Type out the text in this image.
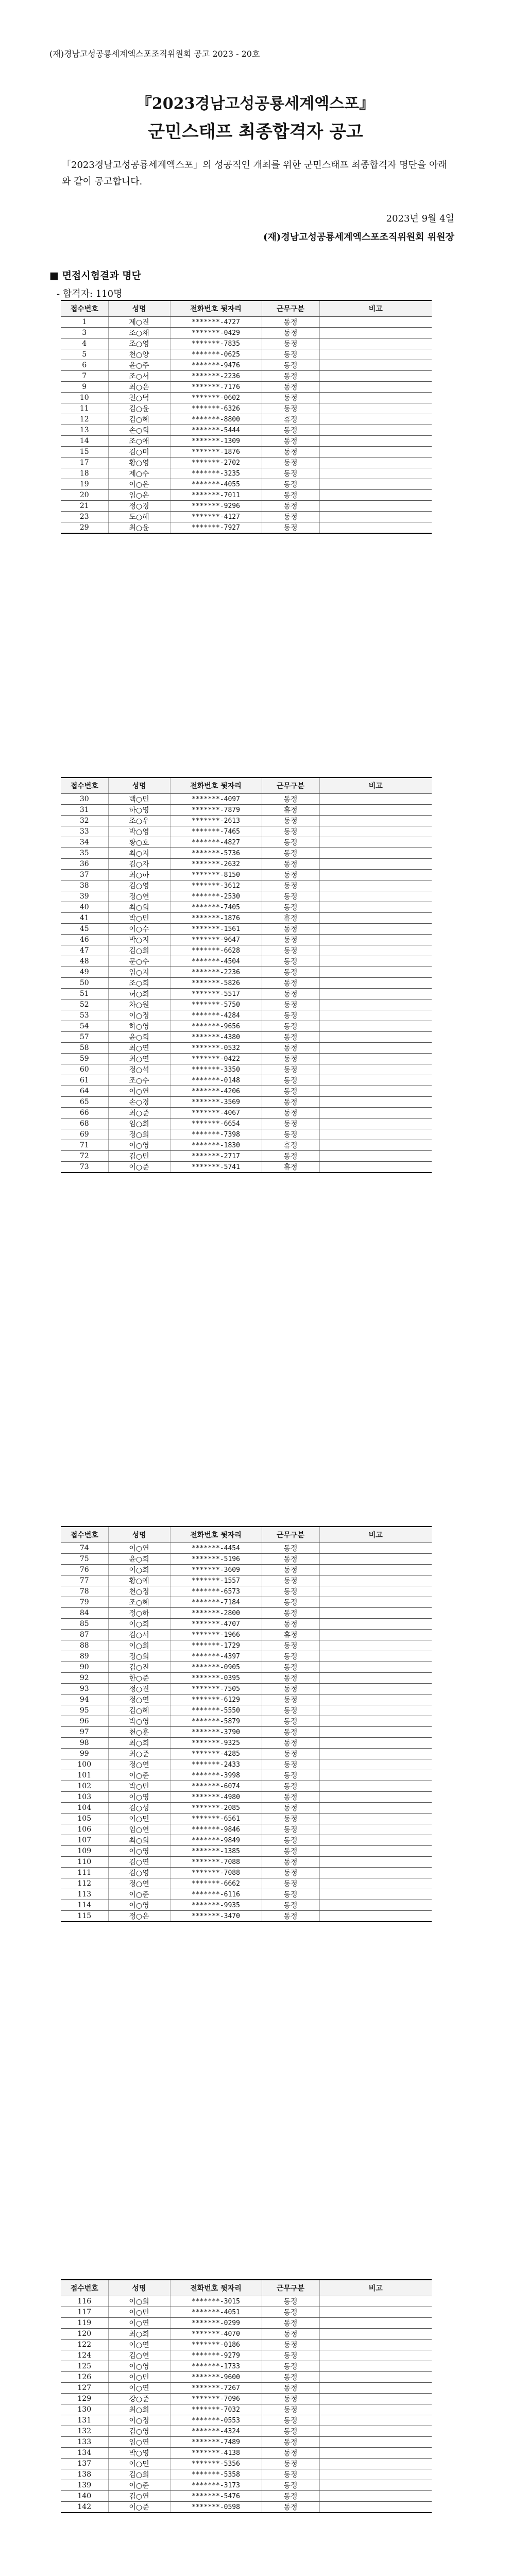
(재)경남고성공룡세계엑스포조직위원회 공고 2023 - 20호
『2023경남고성공룡세계엑스포』
군민스태프 최종합격자 공고
「2023경남고성공룡세계엑스포」의 성공적인 개최를 위한 군민스태프 최종합격자 명단을 아래와 같이 공고합니다.
2023년 9월 4일
(재)경남고성공룡세계엑스포조직위원회 위원장
■ 면접시험결과 명단
- 합격자: 110명
접수번호	성명	전화번호 뒷자리	근무구분	비고
1	제○진	*******-4727	동정	
3	조○채	*******-0429	동정	
4	조○영	*******-7835	동정	
5	천○양	*******-0625	동정	
6	윤○주	*******-9476	동정	
7	조○서	*******-2236	동정	
9	최○은	*******-7176	동정	
10	천○덕	*******-0602	동정	
11	김○윤	*******-6326	동정	
12	김○혜	*******-8800	휴정	
13	손○희	*******-5444	동정	
14	조○애	*******-1309	동정	
15	김○미	*******-1876	동정	
17	황○영	*******-2702	동정	
18	제○수	*******-3235	동정	
19	이○은	*******-4055	동정	
20	임○은	*******-7011	동정	
21	정○경	*******-9296	동정	
23	도○혜	*******-4127	동정	
29	최○윤	*******-7927	동정	
접수번호	성명	전화번호 뒷자리	근무구분	비고
30	백○민	*******-4097	동정	
31	하○영	*******-7879	휴정	
32	조○우	*******-2613	동정	
33	박○영	*******-7465	동정	
34	황○호	*******-4827	동정	
35	최○지	*******-5736	동정	
36	김○자	*******-2632	동정	
37	최○하	*******-8150	동정	
38	김○영	*******-3612	동정	
39	정○연	*******-2530	동정	
40	최○희	*******-7405	동정	
41	박○민	*******-1876	휴정	
45	이○수	*******-1561	동정	
46	박○지	*******-9647	동정	
47	김○희	*******-6628	동정	
48	문○수	*******-4504	동정	
49	임○지	*******-2236	동정	
50	조○희	*******-5826	동정	
51	허○희	*******-5517	동정	
52	차○원	*******-5750	동정	
53	이○정	*******-4284	동정	
54	하○영	*******-9656	동정	
57	윤○희	*******-4380	동정	
58	최○연	*******-0532	동정	
59	최○연	*******-0422	동정	
60	정○석	*******-3350	동정	
61	조○수	*******-0148	동정	
64	이○연	*******-4206	동정	
65	손○경	*******-3569	동정	
66	최○준	*******-4067	동정	
68	임○희	*******-6654	동정	
69	정○희	*******-7398	동정	
71	이○영	*******-1830	휴정	
72	김○민	*******-2717	동정	
73	이○준	*******-5741	휴정	
접수번호	성명	전화번호 뒷자리	근무구분	비고
74	이○연	*******-4454	동정	
75	윤○희	*******-5196	동정	
76	이○희	*******-3609	동정	
77	황○예	*******-1557	동정	
78	천○정	*******-6573	동정	
79	조○혜	*******-7184	동정	
84	정○하	*******-2800	동정	
85	이○희	*******-4707	동정	
87	김○서	*******-1966	휴정	
88	이○희	*******-1729	동정	
89	정○희	*******-4397	동정	
90	김○진	*******-0905	동정	
92	한○준	*******-0395	동정	
93	정○진	*******-7505	동정	
94	정○연	*******-6129	동정	
95	김○혜	*******-5550	동정	
96	박○영	*******-5879	동정	
97	천○훈	*******-3790	동정	
98	최○희	*******-9325	동정	
99	최○준	*******-4285	동정	
100	정○연	*******-2433	동정	
101	이○준	*******-3998	동정	
102	박○민	*******-6074	동정	
103	이○영	*******-4980	동정	
104	김○성	*******-2085	동정	
105	이○민	*******-6561	동정	
106	임○연	*******-9846	동정	
107	최○희	*******-9849	동정	
109	이○영	*******-1385	동정	
110	김○연	*******-7088	동정	
111	김○영	*******-7088	동정	
112	정○연	*******-6662	동정	
113	이○준	*******-6116	동정	
114	이○영	*******-9935	동정	
115	정○은	*******-3470	동정	
접수번호	성명	전화번호 뒷자리	근무구분	비고
116	이○희	*******-3015	동정	
117	이○민	*******-4051	동정	
119	이○연	*******-0299	동정	
120	최○희	*******-4070	동정	
122	이○연	*******-0186	동정	
124	김○연	*******-9279	동정	
125	이○영	*******-1733	동정	
126	이○민	*******-9600	동정	
127	이○연	*******-7267	동정	
129	강○준	*******-7096	동정	
130	최○희	*******-7032	동정	
131	이○정	*******-0553	동정	
132	김○영	*******-4324	동정	
133	임○연	*******-7489	동정	
134	박○영	*******-4138	동정	
137	이○민	*******-5356	동정	
138	김○희	*******-5358	동정	
139	이○준	*******-3173	동정	
140	김○연	*******-5476	동정	
142	이○준	*******-0598	동정	
